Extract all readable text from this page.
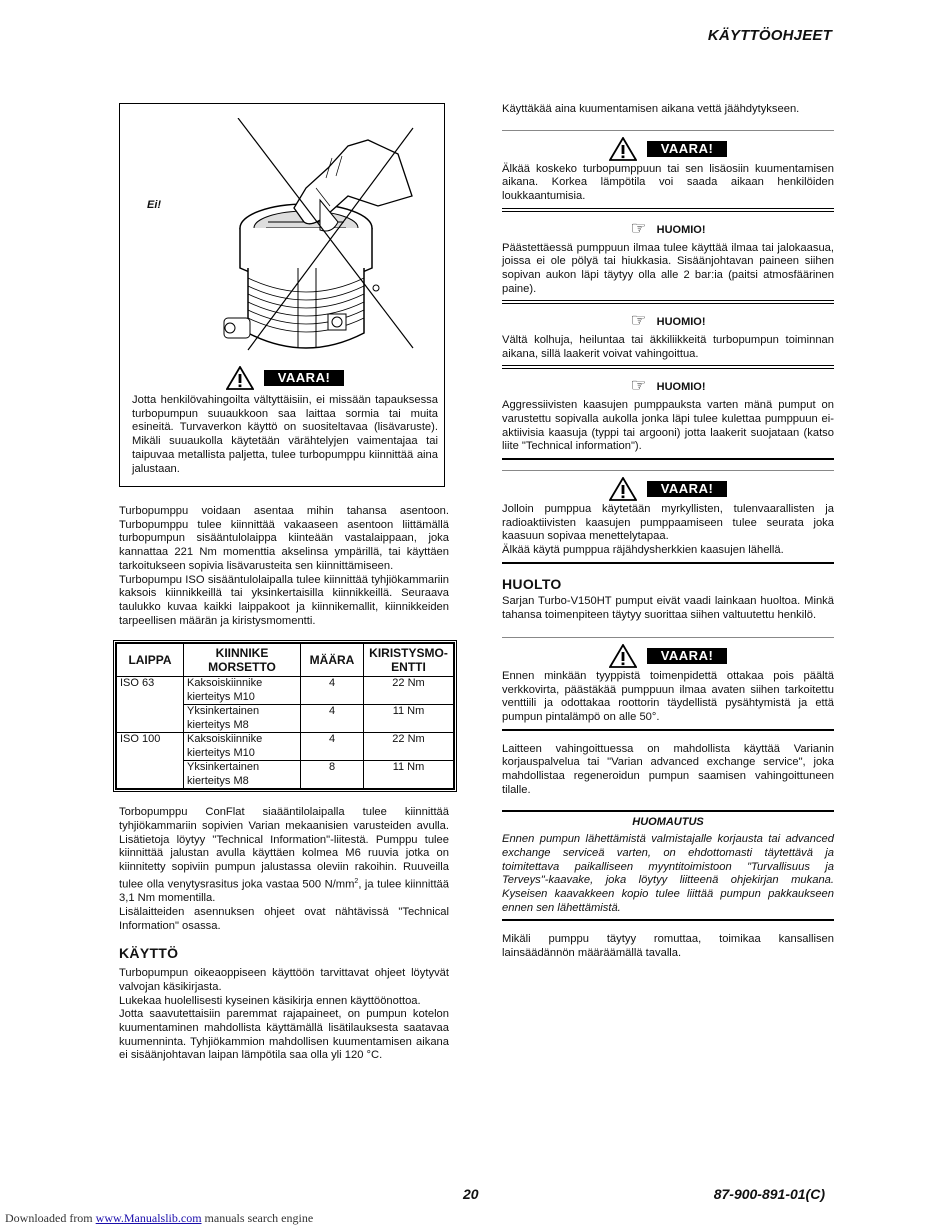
KÄYTTÖOHJEET
Ei!
VAARA!

Jotta henkilövahingoilta vältyttäisiin, ei missään tapauksessa turbopumpun suuaukkoon saa laittaa sormia tai muita esineitä. Turvaverkon käyttö on suositeltavaa (lisävaruste). Mikäli suuaukolla käytetään värähtelyjen vaimentajaa tai taipuvaa metallista paljetta, tulee turbopumppu kiinnittää aina jalustaan.

Turbopumppu voidaan asentaa mihin tahansa asentoon. Turbopumppu tulee kiinnittää vakaaseen asentoon liittämällä turbopumpun sisääntulolaippa kiinteään vastalaippaan, joka kannattaa 221 Nm momenttia akselinsa ympärillä, tai käyttäen tarkoitukseen sopivia lisävarusteita sen kiinnittämiseen.

Turbopumpu ISO sisääntulolaipalla tulee kiinnittää tyhjiökammariin kaksois kiinnikkeillä tai yksinkertaisilla kiinnikkeillä. Seuraava taulukko kuvaa kaikki laippakoot ja kiinnikemallit, kiinnikkeiden tarpeellisen määrän ja kiristysmomentti.

LAIPPA	KIINNIKE MORSETTO	MÄÄRA	KIRISTYSMO-ENTTI
ISO 63	Kaksoiskiinnike kierteitys M10	4	22 Nm
	Yksinkertainen kierteitys M8	4	11 Nm
ISO 100	Kaksoiskiinnike kierteitys M10	4	22 Nm
	Yksinkertainen kierteitys M8	8	11 Nm

Torbopumppu ConFlat siaääntilolaipalla tulee kiinnittää tyhjiökammariin sopivien Varian mekaanisien varusteiden avulla. Lisätietoja löytyy "Technical Information"-liitestä. Pumppu tulee kiinnittää jalustan avulla käyttäen kolmea M6 ruuvia jotka on kiinnitetty sopiviin pumpun jalustassa oleviin rakoihin. Ruuveilla tulee olla venytysrasitus joka vastaa 500 $N/mm^2$, ja tulee kiinnittää 3,1 Nm momentilla.

Lisälaitteiden asennuksen ohjeet ovat nähtävissä "Technical Information" osassa.

KÄYTTÖ

Turbopumpun oikeaoppiseen käyttöön tarvittavat ohjeet löytyvät valvojan käsikirjasta.

Lukekaa huolellisesti kyseinen käsikirja ennen käyttöönottoa.

Jotta saavutettaisiin paremmat rajapaineet, on pumpun kotelon kuumentaminen mahdollista käyttämällä lisätilauksesta saatavaa kuumenninta. Tyhjiökammion mahdollisen kuumentamisen aikana ei sisäänjohtavan laipan lämpötila saa olla yli 120 °C.

Käyttäkää aina kuumentamisen aikana vettä jäähdytykseen.

VAARA!

Älkää koskeko turbopumppuun tai sen lisäosiin kuumentamisen aikana. Korkea lämpötila voi saada aikaan henkilöiden loukkaantumisia.

☞ HUOMIO!

Päästettäessä pumppuun ilmaa tulee käyttää ilmaa tai jalokaasua, joissa ei ole pölyä tai hiukkasia. Sisäänjohtavan paineen siihen sopivan aukon läpi täytyy olla alle 2 bar:ia (paitsi atmosfäärinen paine).

☞ HUOMIO!

Vältä kolhuja, heiluntaa tai äkkiliikkeitä turbopumpun toiminnan aikana, sillä laakerit voivat vahingoittua.

☞ HUOMIO!

Aggressiivisten kaasujen pumppauksta varten mänä pumput on varustettu sopivalla aukolla jonka läpi tulee kulettaa pumppuun ei-aktiivisia kaasuja (typpi tai argooni) jotta laakerit suojataan (katso liite "Technical information").

VAARA!

Jolloin pumppua käytetään myrkyllisten, tulenvaarallisten ja radioaktiivisten kaasujen pumppaamiseen tulee seurata joka kaasuun sopivaa menettelytapaa.

Älkää käytä pumppua räjähdysherkkien kaasujen lähellä.

HUOLTO

Sarjan Turbo-V150HT pumput eivät vaadi lainkaan huoltoa. Minkä tahansa toimenpiteen täytyy suorittaa siihen valtuutettu henkilö.

VAARA!

Ennen minkään tyyppistä toimenpidettä ottakaa pois päältä verkkovirta, päästäkää pumppuun ilmaa avaten siihen tarkoitettu venttiili ja odottakaa roottorin täydellistä pysähtymistä ja että pumpun pintalämpö on alle 50°.

Laitteen vahingoittuessa on mahdollista käyttää Varianin korjauspalvelua tai "Varian advanced exchange service", joka mahdollistaa regeneroidun pumpun saamisen vahingoittuneen tilalle.

HUOMAUTUS

Ennen pumpun lähettämistä valmistajalle korjausta tai advanced exchange serviceä varten, on ehdottomasti täytettävä ja toimitettava paikalliseen myyntitoimistoon "Turvallisuus ja Terveys"-kaavake, joka löytyy liitteenä ohjekirjan mukana. Kyseisen kaavakkeen kopio tulee liittää pumpun pakkaukseen ennen sen lähettämistä.

Mikäli pumppu täytyy romuttaa, toimikaa kansallisen lainsäädännön määräämällä tavalla.

20	87-900-891-01(C)
Downloaded from www.Manualslib.com manuals search engine
